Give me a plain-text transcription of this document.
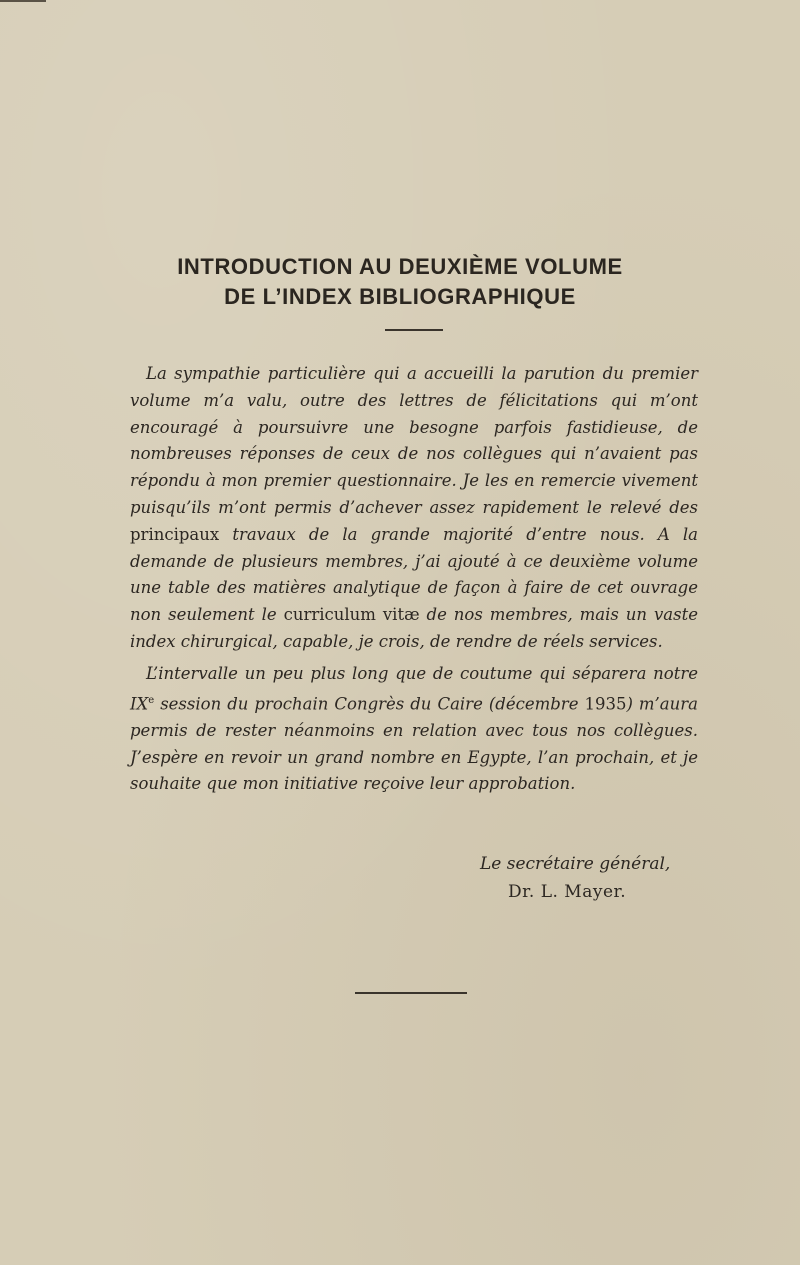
INTRODUCTION AU DEUXIÈME VOLUME
DE L’INDEX BIBLIOGRAPHIQUE

La sympathie particulière qui a accueilli la parution du premier volume m’a valu, outre des lettres de félicitations qui m’ont encouragé à poursuivre une besogne parfois fastidieuse, de nombreuses réponses de ceux de nos collègues qui n’avaient pas répondu à mon premier questionnaire. Je les en remercie vivement puisqu’ils m’ont permis d’achever assez rapidement le relevé des principaux travaux de la grande majorité d’entre nous. A la demande de plusieurs membres, j’ai ajouté à ce deuxième volume une table des matières analytique de façon à faire de cet ouvrage non seulement le curriculum vitæ de nos membres, mais un vaste index chirurgical, capable, je crois, de rendre de réels services.

L’intervalle un peu plus long que de coutume qui séparera notre IXe session du prochain Congrès du Caire (décembre 1935) m’aura permis de rester néanmoins en relation avec tous nos collègues. J’espère en revoir un grand nombre en Egypte, l’an prochain, et je souhaite que mon initiative reçoive leur approbation.

Le secrétaire général,
Dr. L. Mayer.
